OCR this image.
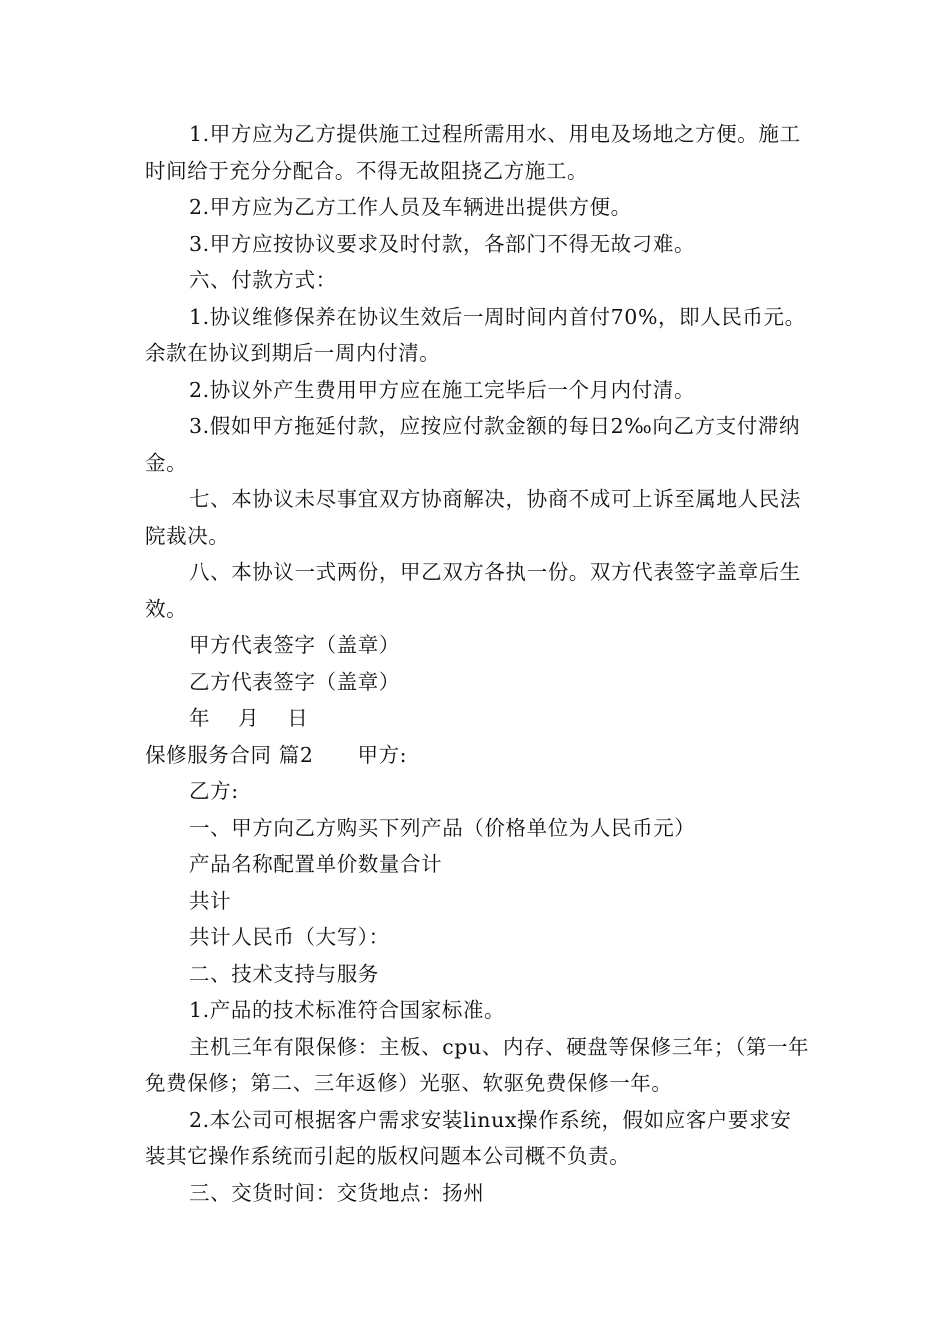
1.甲方应为乙方提供施工过程所需用水、用电及场地之方便。施工时间给于充分分配合。不得无故阻挠乙方施工。

2.甲方应为乙方工作人员及车辆进出提供方便。

3.甲方应按协议要求及时付款，各部门不得无故刁难。

六、付款方式：

1.协议维修保养在协议生效后一周时间内首付70%，即人民币元。余款在协议到期后一周内付清。

2.协议外产生费用甲方应在施工完毕后一个月内付清。

3.假如甲方拖延付款，应按应付款金额的每日2‰向乙方支付滞纳金。

七、本协议未尽事宜双方协商解决，协商不成可上诉至属地人民法院裁决。

八、本协议一式两份，甲乙双方各执一份。双方代表签字盖章后生效。

甲方代表签字（盖章）

乙方代表签字（盖章）

年 月 日

保修服务合同 篇2 甲方:

乙方:

一、甲方向乙方购买下列产品（价格单位为人民币元）

产品名称配置单价数量合计

共计

共计人民币（大写）：

二、技术支持与服务

1.产品的技术标准符合国家标准。

主机三年有限保修：主板、cpu、内存、硬盘等保修三年；（第一年免费保修；第二、三年返修）光驱、软驱免费保修一年。

2.本公司可根据客户需求安装linux操作系统，假如应客户要求安装其它操作系统而引起的版权问题本公司概不负责。

三、交货时间：交货地点：扬州
